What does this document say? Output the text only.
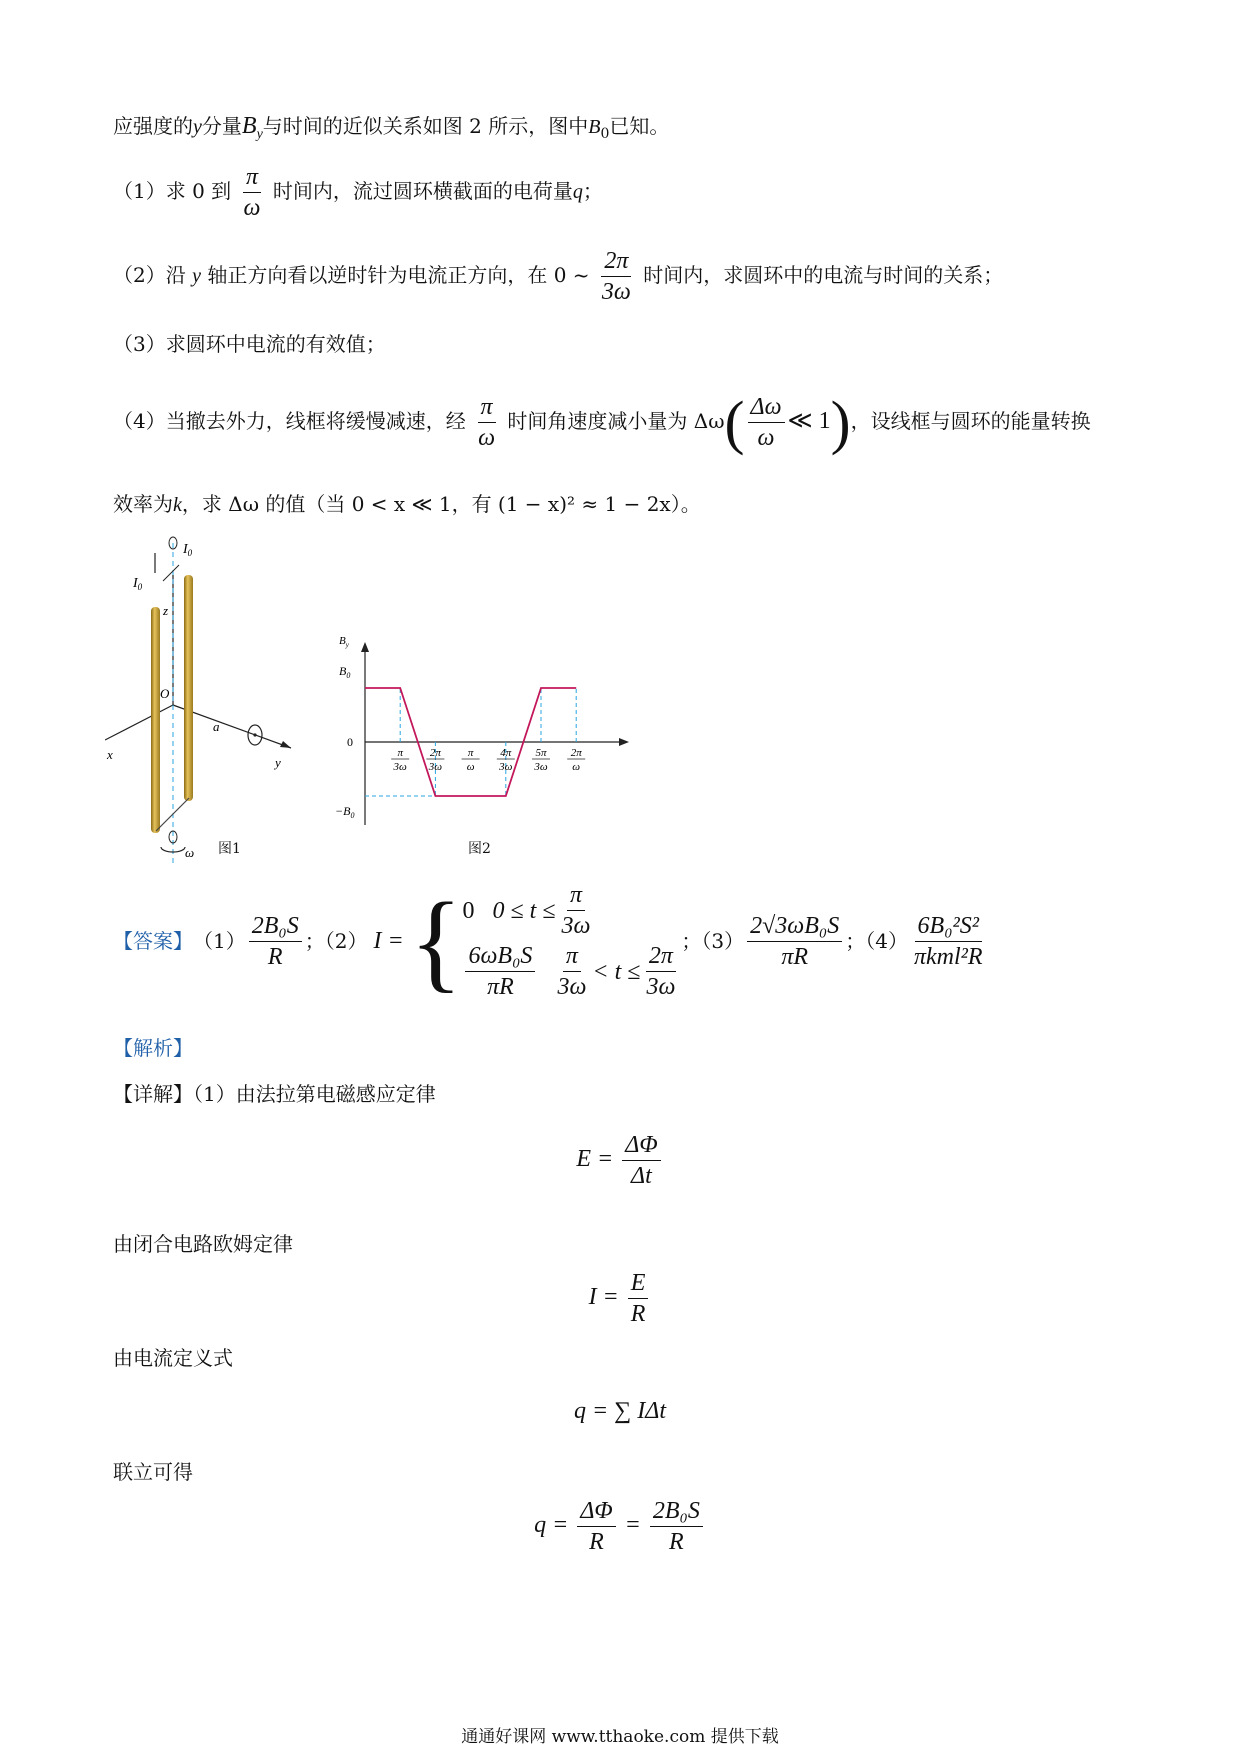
应强度的y分量$B_y$与时间的近似关系如图 2 所示，图中$B_0$已知。
（1）求 0 到 $\frac{\pi}{\omega}$ 时间内，流过圆环横截面的电荷量q；
（2）沿 y 轴正方向看以逆时针为电流正方向，在 0 ~ $\frac{2\pi}{3\omega}$ 时间内，求圆环中的电流与时间的关系；
（3）求圆环中电流的有效值；
（4）当撤去外力，线框将缓慢减速，经 $\frac{\pi}{\omega}$ 时间角速度减小量为 $\Delta\omega( \frac{\Delta\omega}{\omega}$ ≪ 1)，设线框与圆环的能量转换
效率为k，求 Δω 的值（当 0 < x ≪ 1，有 (1 − x)² ≈ 1 − 2x）。
$I_0$
$I_0$
z
O
a
x
y
ω 图1
π
3ω
2π
3ω
π
ω
4π
3ω
5π
3ω
2π
ω
$B_y$
$B_0$
0
$-B_0$
图2
【答案】 $(1) \frac{\text{2B₀S}}{R}$ ；（2） I = { 0 $0 \le t \le \frac{\pi}{3\omega}$
$\frac{\text{6ωB₀S}}{\pi R} \frac{\pi}{3\omega} < t \le \frac{2\pi}{3\omega}$ ；$(3) \frac{\text{2√3ωB₀S}}{\pi R}$ ；$(4) \frac{\text{6B₀²S²}}{\text{πkml²R}}$
【解析】
【详解】（1）由法拉第电磁感应定律
$E = \frac{\Delta\Phi}{\Delta t}$
由闭合电路欧姆定律
$I = \frac{E}{R}$
由电流定义式
q = ∑ IΔt
联立可得
$q = \frac{\Delta\Phi}{R} = \frac{\text{2B₀S}}{R}$
通通好课网 www.tthaoke.com 提供下载
